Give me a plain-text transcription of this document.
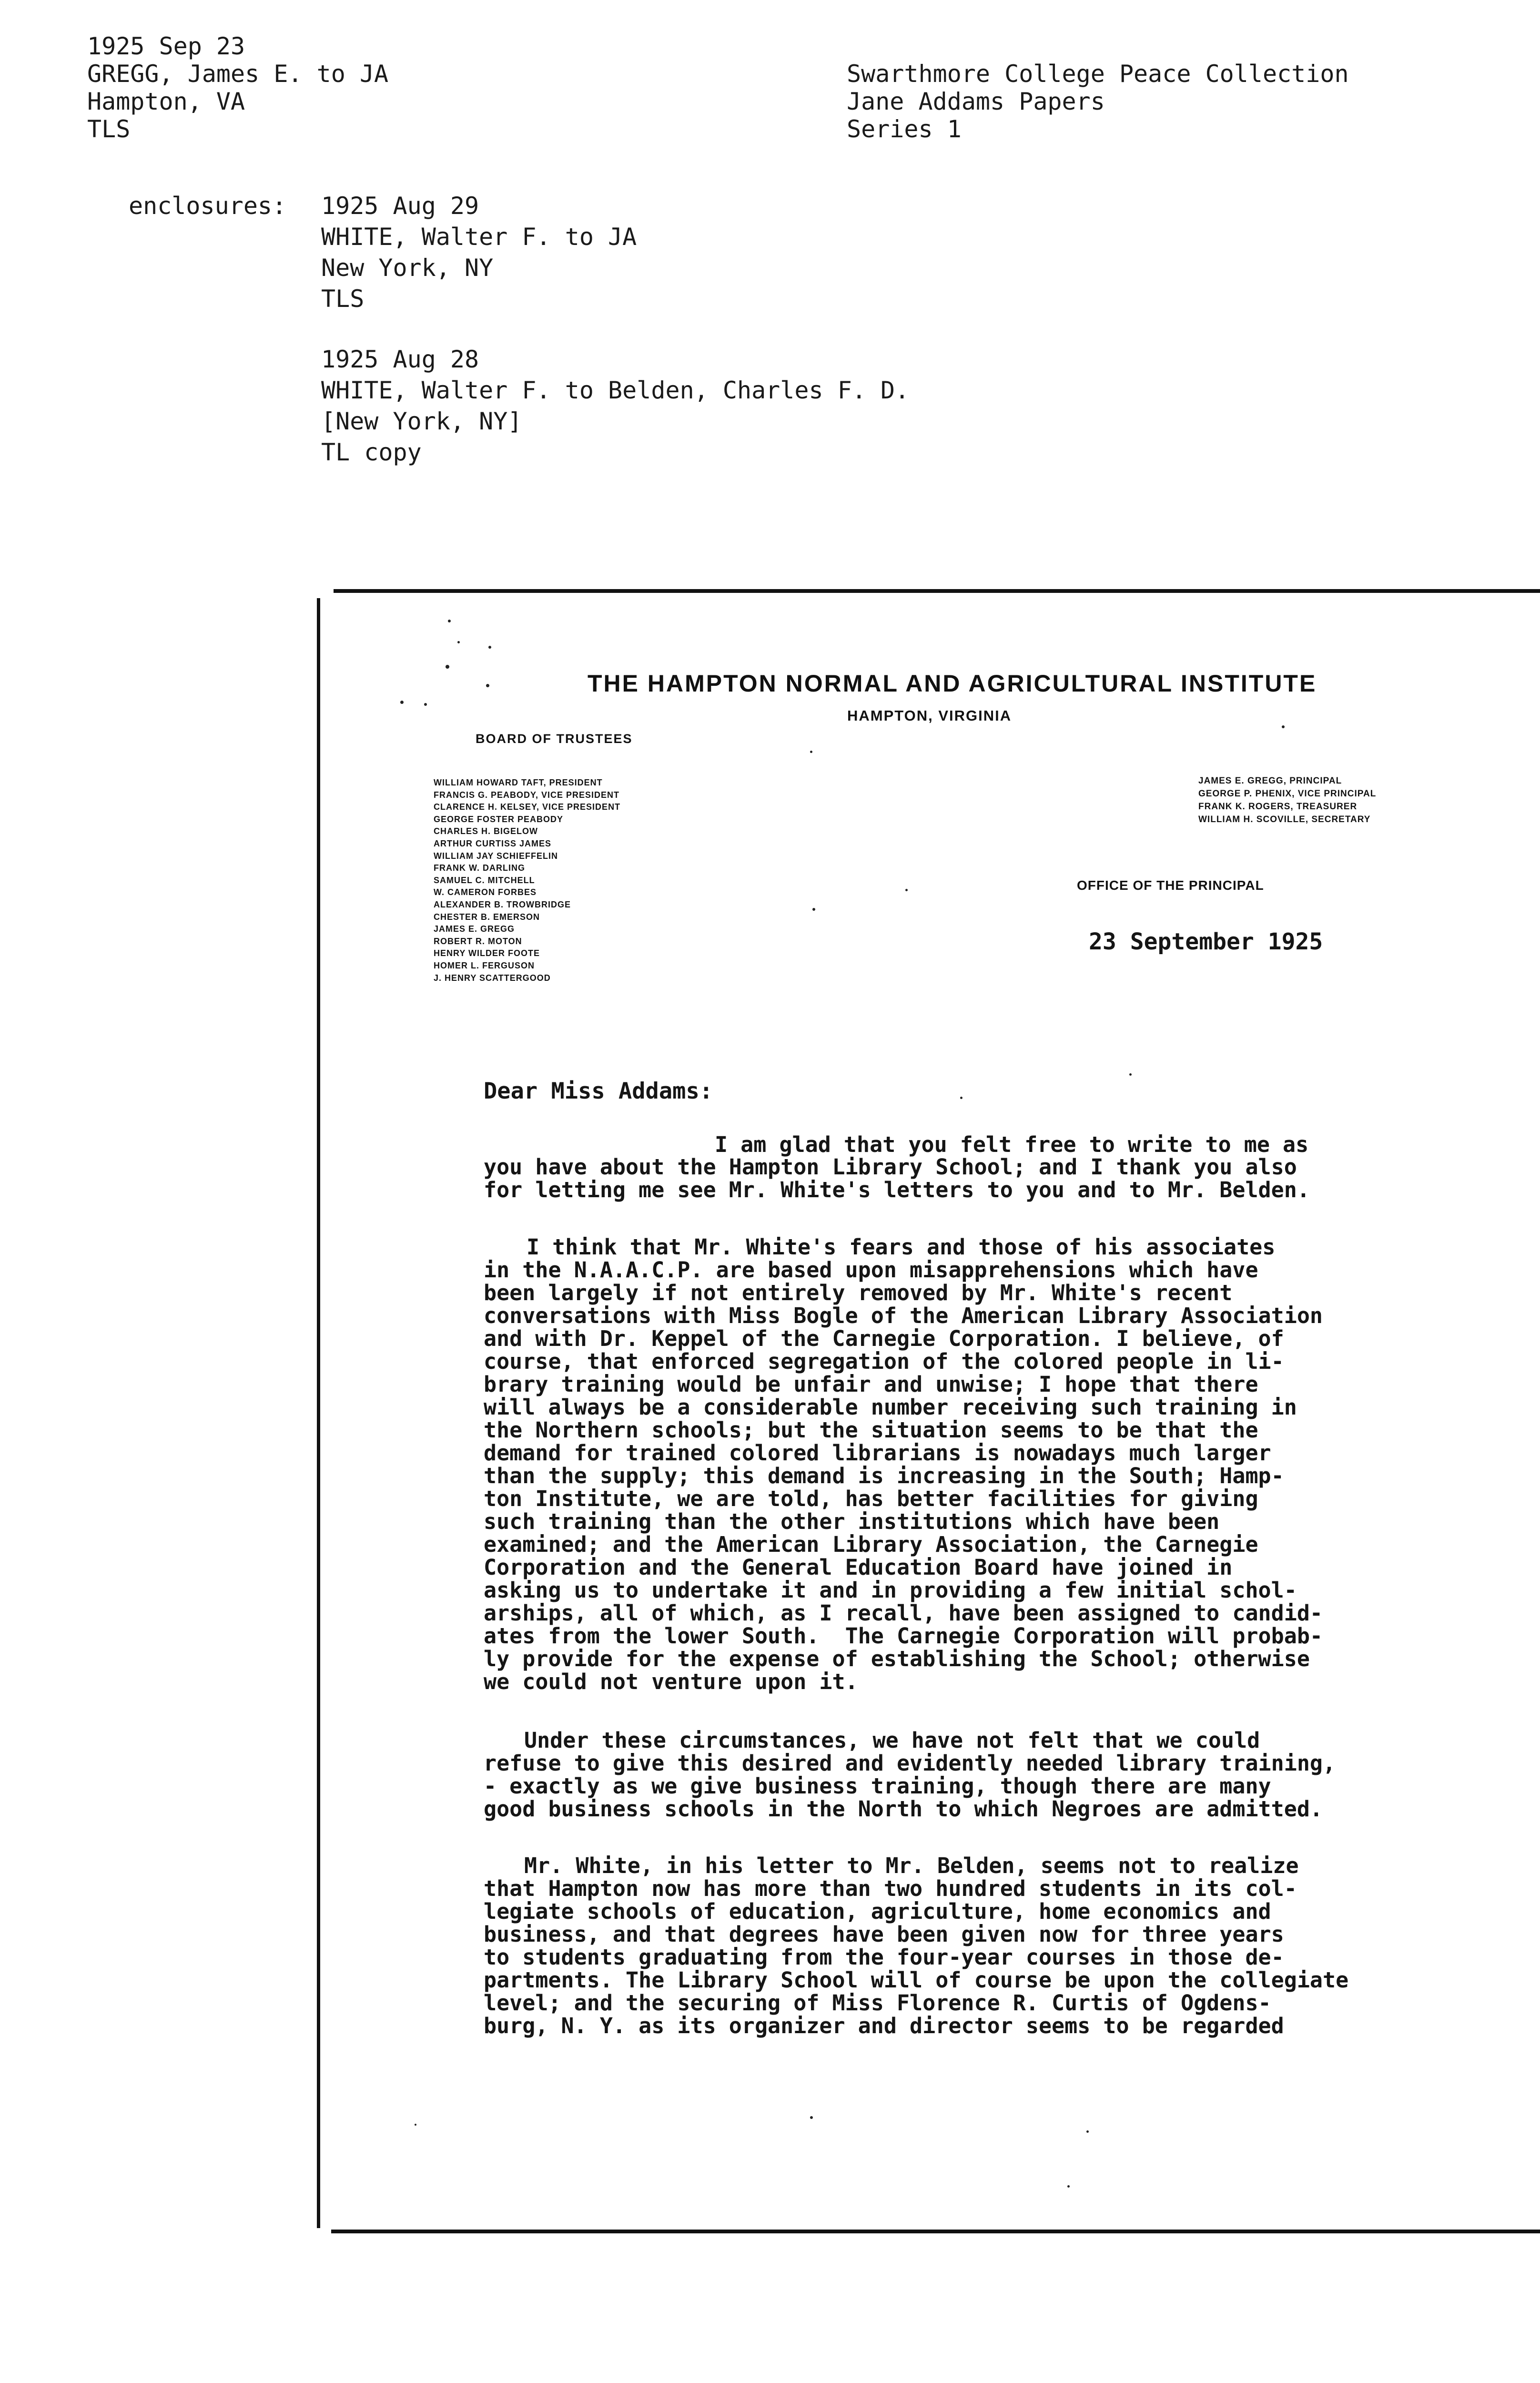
1925 Sep 23
GREGG, James E. to JA
Hampton, VA
TLS
Swarthmore College Peace Collection
Jane Addams Papers
Series 1
enclosures: 1925 Aug 29
WHITE, Walter F. to JA
New York, NY
TLS
1925 Aug 28
WHITE, Walter F. to Belden, Charles F. D.
[New York, NY]
TL copy
THE HAMPTON NORMAL AND AGRICULTURAL INSTITUTE
HAMPTON, VIRGINIA
BOARD OF TRUSTEES
WILLIAM HOWARD TAFT, PRESIDENT
FRANCIS G. PEABODY, VICE PRESIDENT
CLARENCE H. KELSEY, VICE PRESIDENT
GEORGE FOSTER PEABODY
CHARLES H. BIGELOW
ARTHUR CURTISS JAMES
WILLIAM JAY SCHIEFFELIN
FRANK W. DARLING
SAMUEL C. MITCHELL
W. CAMERON FORBES
ALEXANDER B. TROWBRIDGE
CHESTER B. EMERSON
JAMES E. GREGG
ROBERT R. MOTON
HENRY WILDER FOOTE
HOMER L. FERGUSON
J. HENRY SCATTERGOOD
JAMES E. GREGG, PRINCIPAL
GEORGE P. PHENIX, VICE PRINCIPAL
FRANK K. ROGERS, TREASURER
WILLIAM H. SCOVILLE, SECRETARY
OFFICE OF THE PRINCIPAL
23 September 1925
Dear Miss Addams:
I am glad that you felt free to write to me as
you have about the Hampton Library School; and I thank you also
for letting me see Mr. White's letters to you and to Mr. Belden.
I think that Mr. White's fears and those of his associates
in the N.A.A.C.P. are based upon misapprehensions which have
been largely if not entirely removed by Mr. White's recent
conversations with Miss Bogle of the American Library Association
and with Dr. Keppel of the Carnegie Corporation. I believe, of
course, that enforced segregation of the colored people in li-
brary training would be unfair and unwise; I hope that there
will always be a considerable number receiving such training in
the Northern schools; but the situation seems to be that the
demand for trained colored librarians is nowadays much larger
than the supply; this demand is increasing in the South; Hamp-
ton Institute, we are told, has better facilities for giving
such training than the other institutions which have been
examined; and the American Library Association, the Carnegie
Corporation and the General Education Board have joined in
asking us to undertake it and in providing a few initial schol-
arships, all of which, as I recall, have been assigned to candid-
ates from the lower South.  The Carnegie Corporation will probab-
ly provide for the expense of establishing the School; otherwise
we could not venture upon it.
Under these circumstances, we have not felt that we could
refuse to give this desired and evidently needed library training,
- exactly as we give business training, though there are many
good business schools in the North to which Negroes are admitted.
Mr. White, in his letter to Mr. Belden, seems not to realize
that Hampton now has more than two hundred students in its col-
legiate schools of education, agriculture, home economics and
business, and that degrees have been given now for three years
to students graduating from the four-year courses in those de-
partments. The Library School will of course be upon the collegiate
level; and the securing of Miss Florence R. Curtis of Ogdens-
burg, N. Y. as its organizer and director seems to be regarded
